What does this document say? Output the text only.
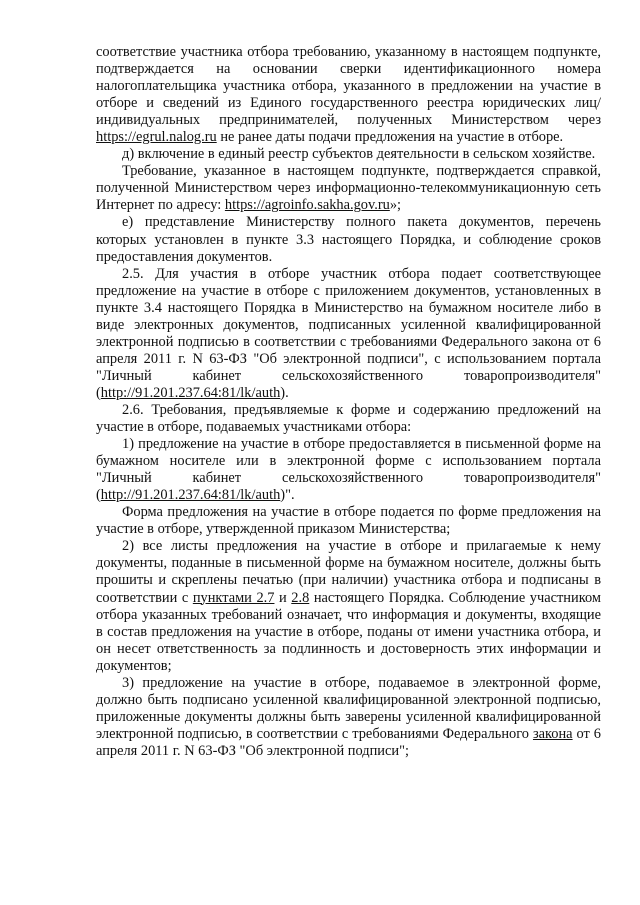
соответствие участника отбора требованию, указанному в настоящем подпункте, подтверждается на основании сверки идентификационного номера налогоплательщика участника отбора, указанного в предложении на участие в отборе и сведений из Единого государственного реестра юридических лиц/индивидуальных предпринимателей, полученных Министерством через https://egrul.nalog.ru не ранее даты подачи предложения на участие в отборе.

д) включение в единый реестр субъектов деятельности в сельском хозяйстве.

Требование, указанное в настоящем подпункте, подтверждается справкой, полученной Министерством через информационно-телекоммуникационную сеть Интернет по адресу: https://agroinfo.sakha.gov.ru»;

е) представление Министерству полного пакета документов, перечень которых установлен в пункте 3.3 настоящего Порядка, и соблюдение сроков предоставления документов.

2.5. Для участия в отборе участник отбора подает соответствующее предложение на участие в отборе с приложением документов, установленных в пункте 3.4 настоящего Порядка в Министерство на бумажном носителе либо в виде электронных документов, подписанных усиленной квалифицированной электронной подписью в соответствии с требованиями Федерального закона от 6 апреля 2011 г. N 63-ФЗ "Об электронной подписи", с использованием портала "Личный кабинет сельскохозяйственного товаропроизводителя" (http://91.201.237.64:81/lk/auth).

2.6. Требования, предъявляемые к форме и содержанию предложений на участие в отборе, подаваемых участниками отбора:

1) предложение на участие в отборе предоставляется в письменной форме на бумажном носителе или в электронной форме с использованием портала "Личный кабинет сельскохозяйственного товаропроизводителя" (http://91.201.237.64:81/lk/auth)".

Форма предложения на участие в отборе подается по форме предложения на участие в отборе, утвержденной приказом Министерства;

2) все листы предложения на участие в отборе и прилагаемые к нему документы, поданные в письменной форме на бумажном носителе, должны быть прошиты и скреплены печатью (при наличии) участника отбора и подписаны в соответствии с пунктами 2.7 и 2.8 настоящего Порядка. Соблюдение участником отбора указанных требований означает, что информация и документы, входящие в состав предложения на участие в отборе, поданы от имени участника отбора, и он несет ответственность за подлинность и достоверность этих информации и документов;

3) предложение на участие в отборе, подаваемое в электронной форме, должно быть подписано усиленной квалифицированной электронной подписью, приложенные документы должны быть заверены усиленной квалифицированной электронной подписью, в соответствии с требованиями Федерального закона от 6 апреля 2011 г. N 63-ФЗ "Об электронной подписи";
